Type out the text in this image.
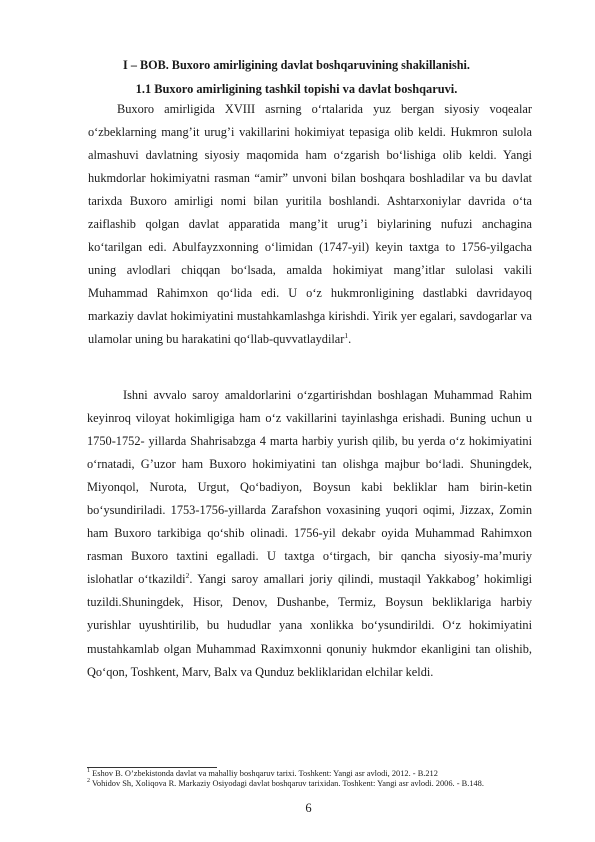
I – BOB. Buxoro amirligining davlat boshqaruvining shakillanishi.
1.1 Buxoro amirligining tashkil topishi va davlat boshqaruvi.

Buxoro amirligida XVIII asrning o‘rtalarida yuz bergan siyosiy voqealar o‘zbeklarning mang’it urug’i vakillarini hokimiyat tepasiga olib keldi. Hukmron sulola almashuvi davlatning siyosiy maqomida ham o‘zgarish bo‘lishiga olib keldi. Yangi hukmdorlar hokimiyatni rasman “amir” unvoni bilan boshqara boshladilar va bu davlat tarixda Buxoro amirligi nomi bilan yuritila boshlandi. Ashtarxoniylar davrida o‘ta zaiflashib qolgan davlat apparatida mang’it urug’i biylarining nufuzi anchagina ko‘tarilgan edi. Abulfayzxonning o‘limidan (1747-yil) keyin taxtga to 1756-yilgacha uning avlodlari chiqqan bo‘lsada, amalda hokimiyat mang’itlar sulolasi vakili Muhammad Rahimxon qo‘lida edi. U o‘z hukmronligining dastlabki davridayoq markaziy davlat hokimiyatini mustahkamlashga kirishdi. Yirik yer egalari, savdogarlar va ulamolar uning bu harakatini qo‘llab-quvvatlaydilar$^1$.

Ishni avvalo saroy amaldorlarini o‘zgartirishdan boshlagan Muhammad Rahim keyinroq viloyat hokimligiga ham o‘z vakillarini tayinlashga erishadi. Buning uchun u 1750-1752- yillarda Shahrisabzga 4 marta harbiy yurish qilib, bu yerda o‘z hokimiyatini o‘rnatadi, G’uzor ham Buxoro hokimiyatini tan olishga majbur bo‘ladi. Shuningdek, Miyonqol, Nurota, Urgut, Qo‘badiyon, Boysun kabi bekliklar ham birin-ketin bo‘ysundiriladi. 1753-1756-yillarda Zarafshon voxasining yuqori oqimi, Jizzax, Zomin ham Buxoro tarkibiga qo‘shib olinadi. 1756-yil dekabr oyida Muhammad Rahimxon rasman Buxoro taxtini egalladi. U taxtga o‘tirgach, bir qancha siyosiy-ma’muriy islohatlar o‘tkazildi$^2$. Yangi saroy amallari joriy qilindi, mustaqil Yakkabog’ hokimligi tuzildi.Shuningdek, Hisor, Denov, Dushanbe, Termiz, Boysun bekliklariga harbiy yurishlar uyushtirilib, bu hududlar yana xonlikka bo‘ysundirildi. O‘z hokimiyatini mustahkamlab olgan Muhammad Raximxonni qonuniy hukmdor ekanligini tan olishib, Qo‘qon, Toshkent, Marv, Balx va Qunduz bekliklaridan elchilar keldi.

$^1$ Eshov B. O’zbekistonda davlat va mahalliy boshqaruv tarixi. Toshkent: Yangi asr avlodi, 2012. - B.212

$^2$ Vohidov Sh, Xoliqova R. Markaziy Osiyodagi davlat boshqaruv tarixidan. Toshkent: Yangi asr avlodi. 2006. - B.148.

6
